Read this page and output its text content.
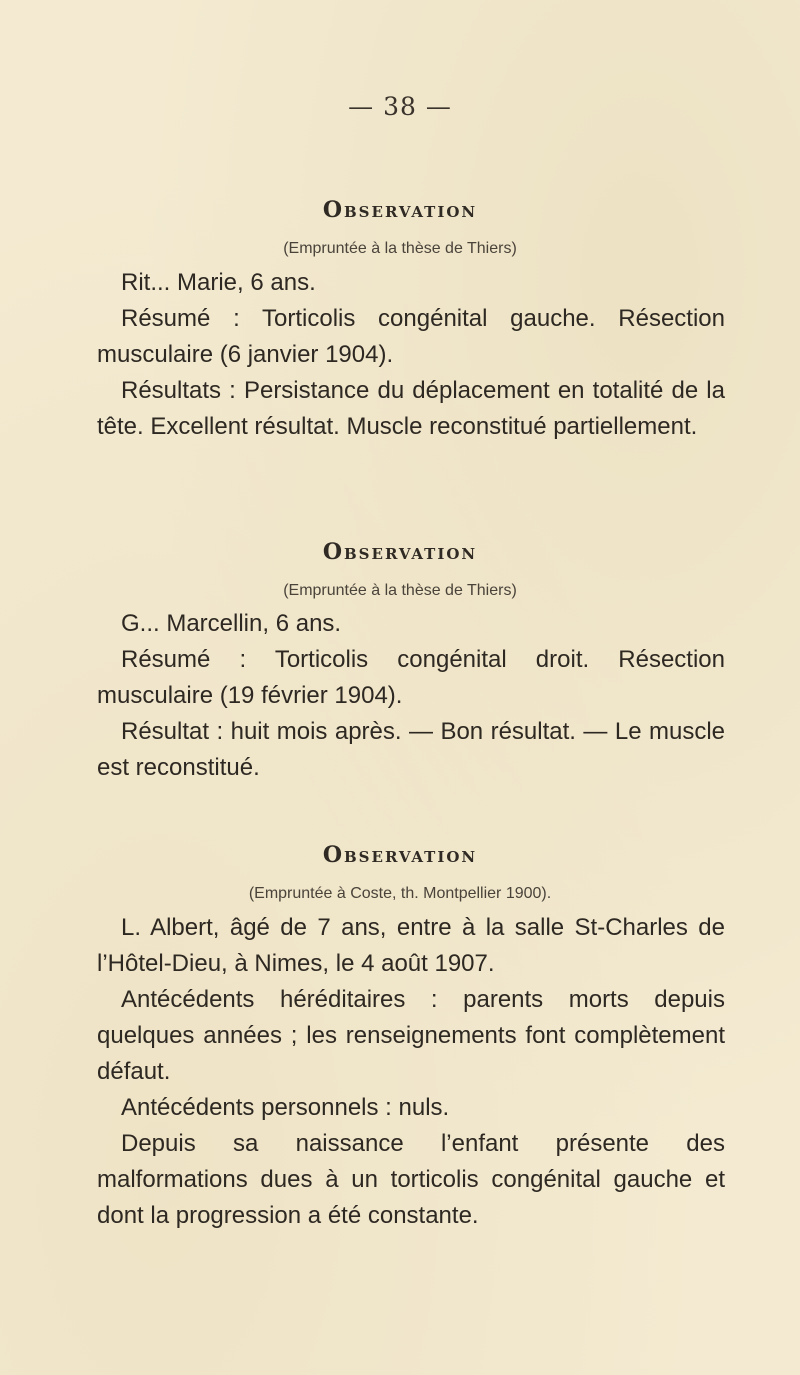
— 38 —
Observation

(Empruntée à la thèse de Thiers)

Rit... Marie, 6 ans.

Résumé : Torticolis congénital gauche. Résection musculaire (6 janvier 1904).

Résultats : Persistance du déplacement en totalité de la tête. Excellent résultat. Muscle reconstitué partiellement.

Observation

(Empruntée à la thèse de Thiers)

G... Marcellin, 6 ans.

Résumé : Torticolis congénital droit. Résection musculaire (19 février 1904).

Résultat : huit mois après. — Bon résultat. — Le muscle est reconstitué.

Observation

(Empruntée à Coste, th. Montpellier 1900).

L. Albert, âgé de 7 ans, entre à la salle St-Charles de l’Hôtel-Dieu, à Nimes, le 4 août 1907.

Antécédents héréditaires : parents morts depuis quelques années ; les renseignements font complètement défaut.

Antécédents personnels : nuls.

Depuis sa naissance l’enfant présente des malformations dues à un torticolis congénital gauche et dont la progression a été constante.
